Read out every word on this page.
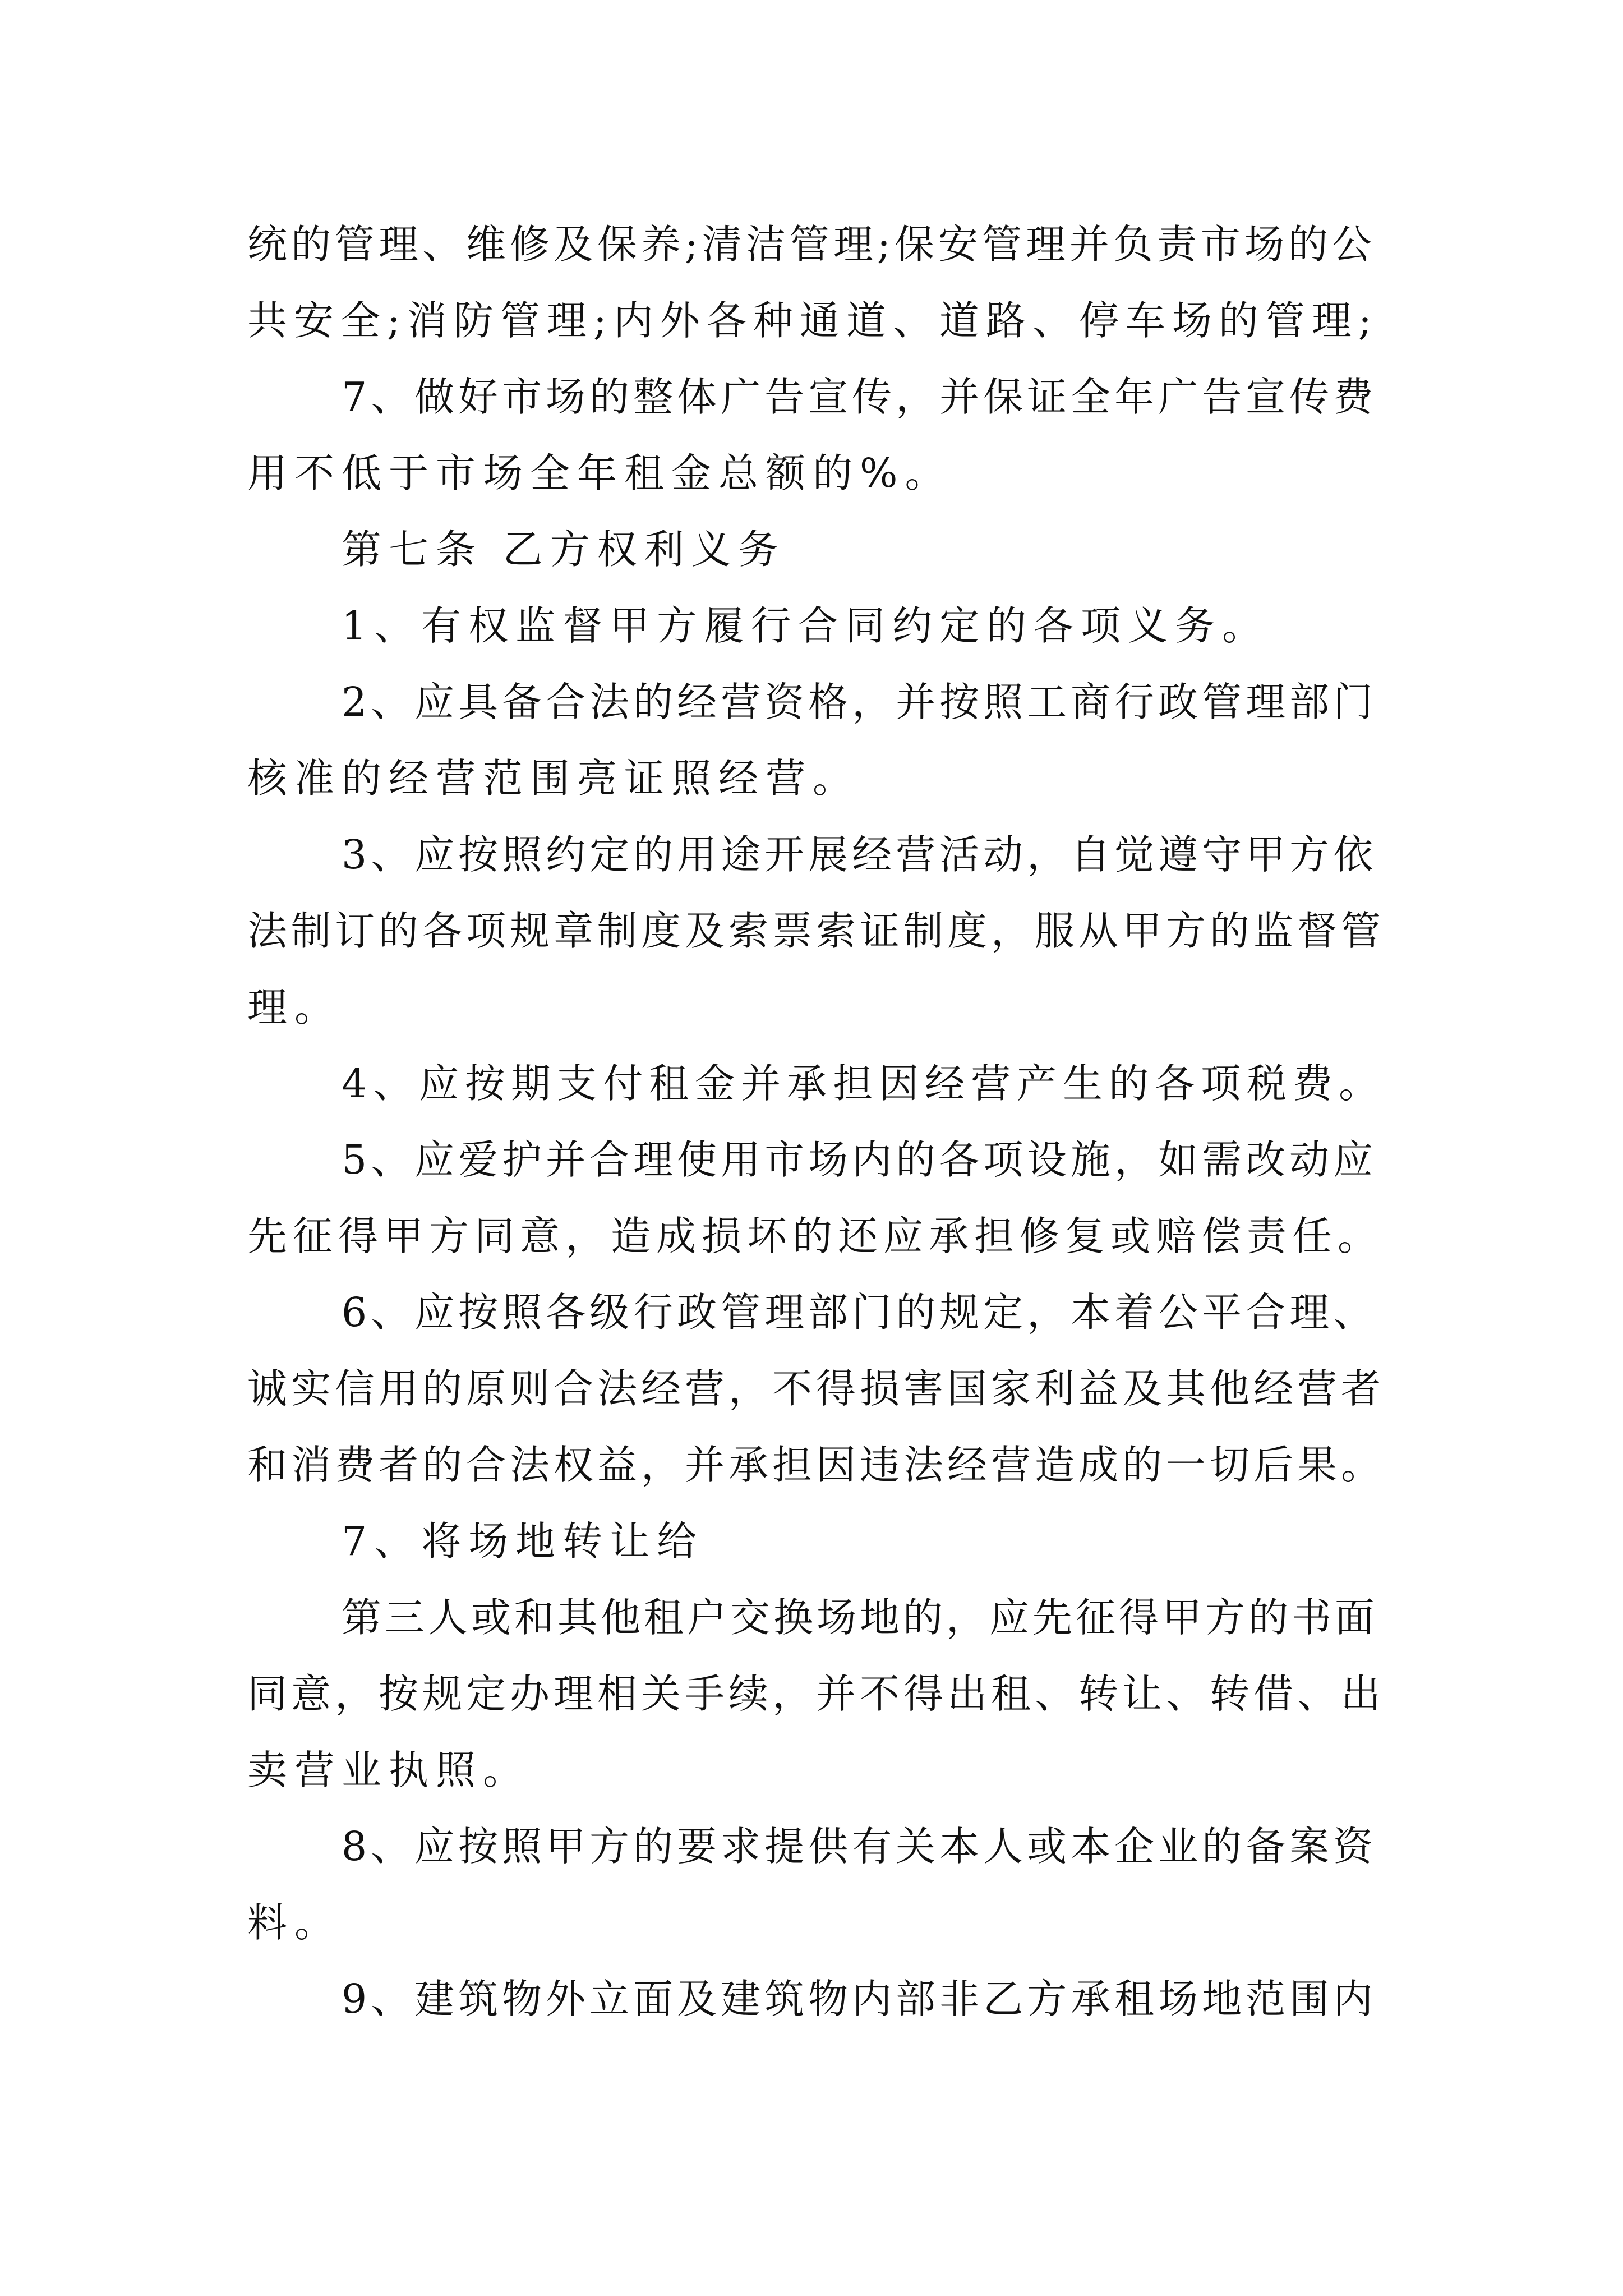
统的管理、维修及保养;清洁管理;保安管理并负责市场的公
共安全;消防管理;内外各种通道、道路、停车场的管理;
7、做好市场的整体广告宣传，并保证全年广告宣传费
用不低于市场全年租金总额的%。
第七条 乙方权利义务
1、有权监督甲方履行合同约定的各项义务。
2、应具备合法的经营资格，并按照工商行政管理部门
核准的经营范围亮证照经营。
3、应按照约定的用途开展经营活动，自觉遵守甲方依
法制订的各项规章制度及索票索证制度，服从甲方的监督管
理。
4、应按期支付租金并承担因经营产生的各项税费。
5、应爱护并合理使用市场内的各项设施，如需改动应
先征得甲方同意，造成损坏的还应承担修复或赔偿责任。
6、应按照各级行政管理部门的规定，本着公平合理、
诚实信用的原则合法经营，不得损害国家利益及其他经营者
和消费者的合法权益，并承担因违法经营造成的一切后果。
7、将场地转让给
第三人或和其他租户交换场地的，应先征得甲方的书面
同意，按规定办理相关手续，并不得出租、转让、转借、出
卖营业执照。
8、应按照甲方的要求提供有关本人或本企业的备案资
料。
9、建筑物外立面及建筑物内部非乙方承租场地范围内
